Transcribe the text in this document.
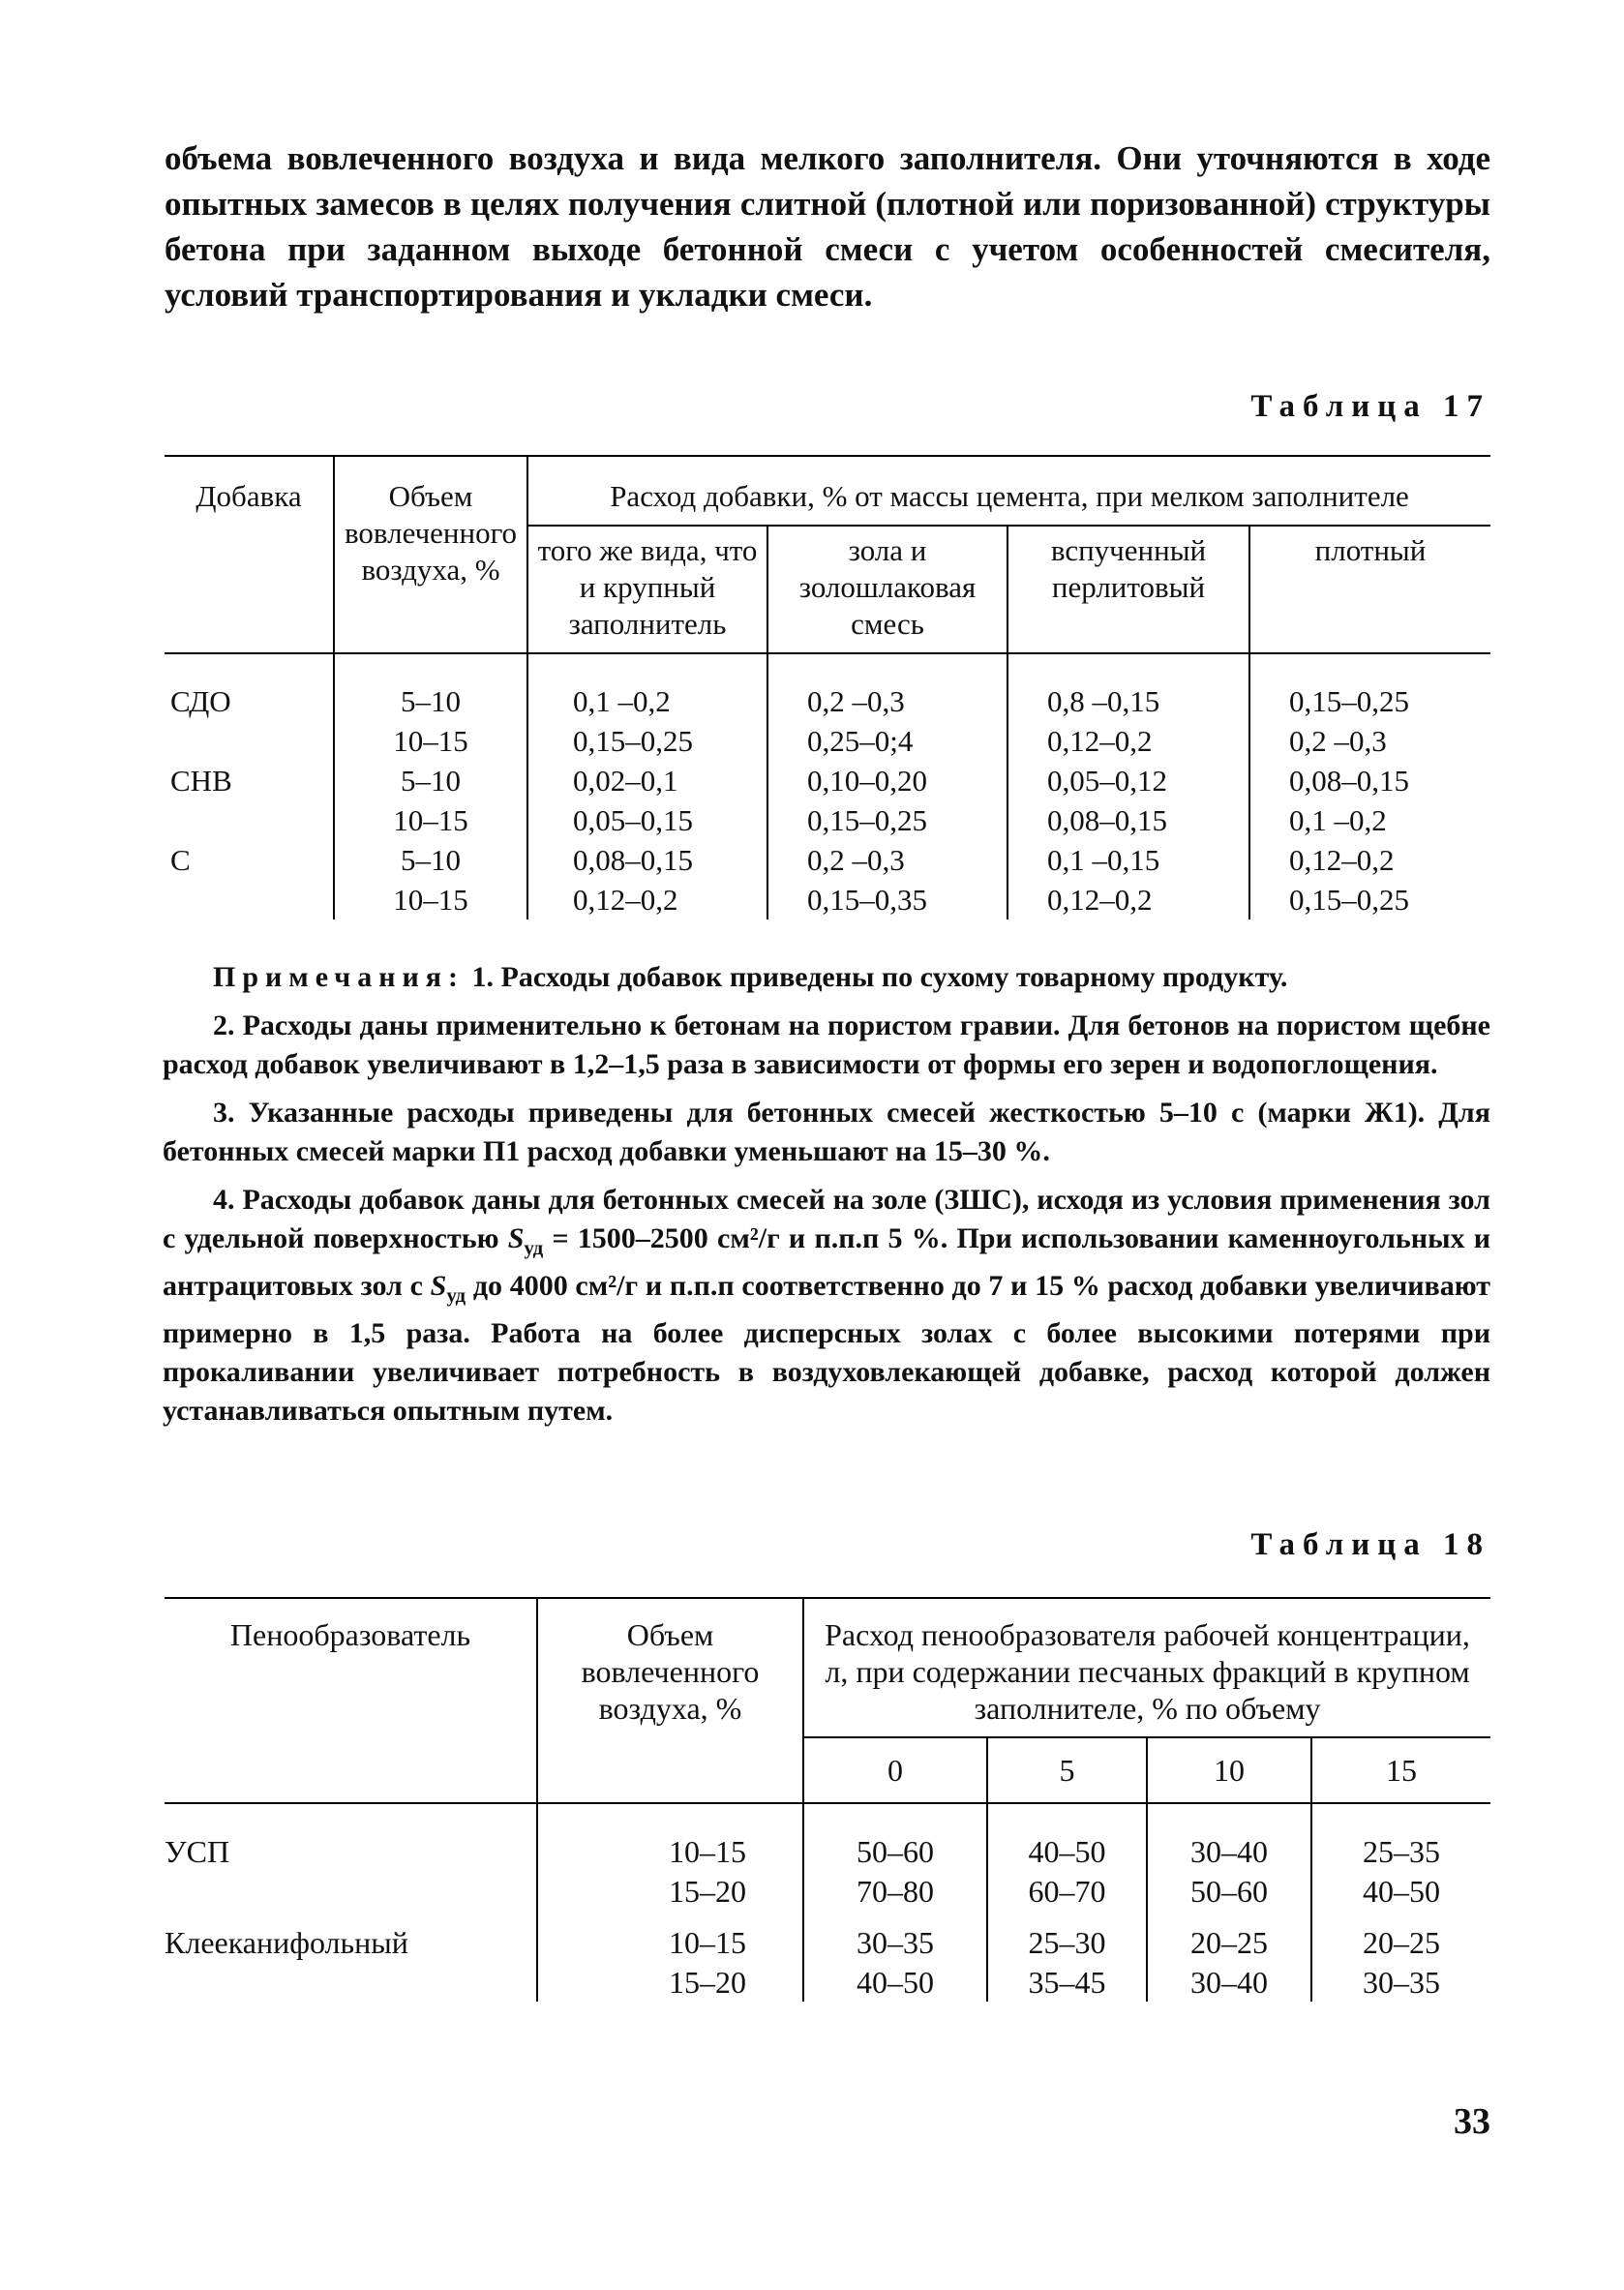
объема вовлеченного воздуха и вида мелкого заполнителя. Они уточняются в ходе опытных замесов в целях получения слитной (плотной или поризованной) структуры бетона при заданном выходе бетонной смеси с учетом особенностей смесителя, условий транспортирования и укладки смеси.
Таблица 17
Добавка	Объем вовлеченного воздуха, %	Расход добавки, % от массы цемента, при мелком заполнителе			
		того же вида, что и крупный заполнитель	зола и золошлаковая смесь	вспученный перлитовый	плотный

СДО	5–10	0,1 –0,2	0,2 –0,3	0,8 –0,15	0,15–0,25
	10–15	0,15–0,25	0,25–0;4	0,12–0,2	0,2 –0,3
СНВ	5–10	0,02–0,1	0,10–0,20	0,05–0,12	0,08–0,15
	10–15	0,05–0,15	0,15–0,25	0,08–0,15	0,1 –0,2
С	5–10	0,08–0,15	0,2 –0,3	0,1 –0,15	0,12–0,2
	10–15	0,12–0,2	0,15–0,35	0,12–0,2	0,15–0,25

Примечания: 1. Расходы добавок приведены по сухому товарному продукту.

2. Расходы даны применительно к бетонам на пористом гравии. Для бетонов на пористом щебне расход добавок увеличивают в 1,2–1,5 раза в зависимости от формы его зерен и водопоглощения.

3. Указанные расходы приведены для бетонных смесей жесткостью 5–10 с (марки Ж1). Для бетонных смесей марки П1 расход добавки уменьшают на 15–30 %.

4. Расходы добавок даны для бетонных смесей на золе (ЗШС), исходя из условия применения зол с удельной поверхностью $S_{уд} = 1500-2500$ см²/г и п.п.п 5 %. При использовании каменноугольных и антрацитовых зол с $S_{уд}$ до 4000 см²/г и п.п.п соответственно до 7 и 15 % расход добавки увеличивают примерно в 1,5 раза. Работа на более дисперсных золах с более высокими потерями при прокаливании увеличивает потребность в воздуховлекающей добавке, расход которой должен устанавливаться опытным путем.

Таблица 18
Пенообразователь	Объем вовлеченного воздуха, %	Расход пенообразователя рабочей концентрации, л, при содержании песчаных фракций в крупном заполнителе, % по объему			
		0	5	10	15

УСП	10–15	50–60	40–50	30–40	25–35
	15–20	70–80	60–70	50–60	40–50

Клееканифольный	10–15	30–35	25–30	20–25	20–25
	15–20	40–50	35–45	30–40	30–35
33
